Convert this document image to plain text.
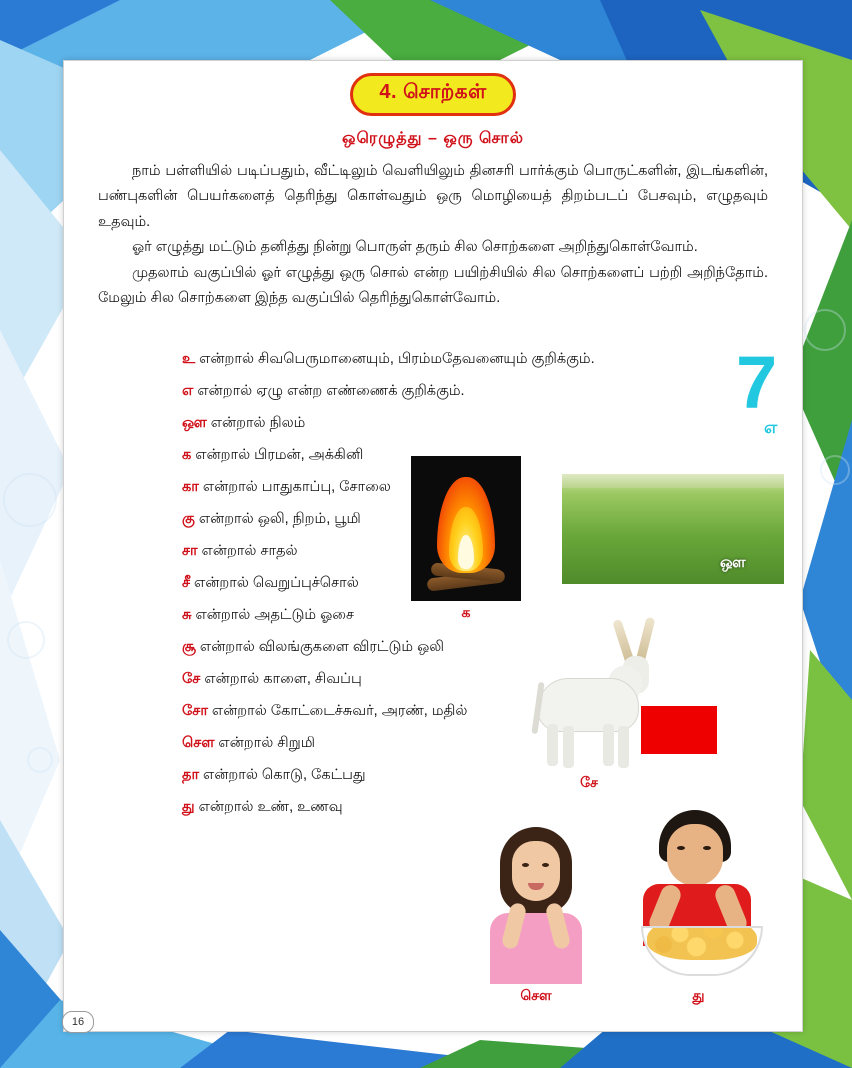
4. சொற்கள்
ஒரெழுத்து – ஒரு சொல்

நாம் பள்ளியில் படிப்பதும், வீட்டிலும் வெளியிலும் தினசரி பார்க்கும் பொருட்களின், இடங்களின், பண்புகளின் பெயர்களைத் தெரிந்து கொள்வதும் ஒரு மொழியைத் திறம்படப் பேசவும், எழுதவும் உதவும்.

ஓர் எழுத்து மட்டும் தனித்து நின்று பொருள் தரும் சில சொற்களை அறிந்துகொள்வோம்.

முதலாம் வகுப்பில் ஓர் எழுத்து ஒரு சொல் என்ற பயிற்சியில் சில சொற்களைப் பற்றி அறிந்தோம். மேலும் சில சொற்களை இந்த வகுப்பில் தெரிந்துகொள்வோம்.

உ என்றால் சிவபெருமானையும், பிரம்மதேவனையும் குறிக்கும்.
எ என்றால் ஏழு என்ற எண்ணைக் குறிக்கும்.
ஔ என்றால் நிலம்
க என்றால் பிரமன், அக்கினி
கா என்றால் பாதுகாப்பு, சோலை
கு என்றால் ஒலி, நிறம், பூமி
சா என்றால் சாதல்
சீ என்றால் வெறுப்புச்சொல்
சு என்றால் அதட்டும் ஓசை
சூ என்றால் விலங்குகளை விரட்டும் ஒலி
சே என்றால் காளை, சிவப்பு
சோ என்றால் கோட்டைச்சுவர், அரண், மதில்
சௌ என்றால் சிறுமி
தா என்றால் கொடு, கேட்பது
து என்றால் உண், உணவு
7
எ
க
ஔ
சே
சௌ	து
16
